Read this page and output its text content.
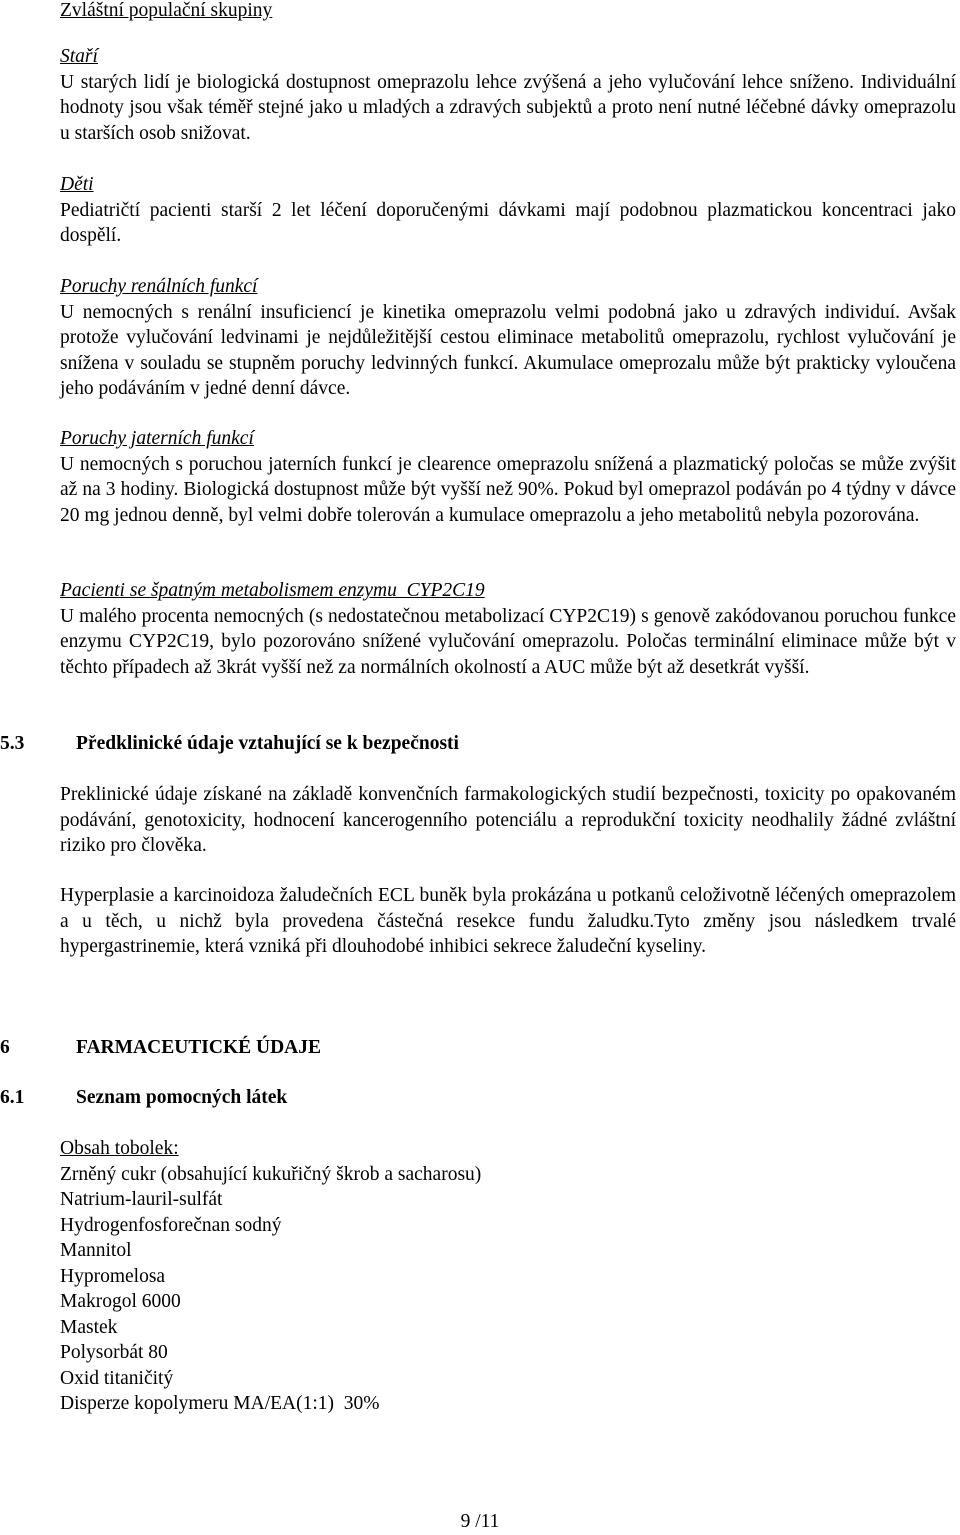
Zvláštní populační skupiny
Staří
U starých lidí je biologická dostupnost omeprazolu lehce zvýšená a jeho vylučování lehce sníženo. Individuální hodnoty jsou však téměř stejné jako u mladých a zdravých subjektů a proto není nutné léčebné dávky omeprazolu u starších osob snižovat.
Děti
Pediatričtí pacienti starší 2 let léčení doporučenými dávkami mají podobnou plazmatickou koncentraci jako dospělí.
Poruchy renálních funkcí
U nemocných s renální insuficiencí je kinetika omeprazolu velmi podobná jako u zdravých individuí. Avšak protože vylučování ledvinami je nejdůležitější cestou eliminace metabolitů omeprazolu, rychlost vylučování je snížena v souladu se stupněm poruchy ledvinných funkcí. Akumulace omeprozalu může být prakticky vyloučena jeho podáváním v jedné denní dávce.
Poruchy jaterních funkcí
U nemocných s poruchou jaterních funkcí je clearence omeprazolu snížená a plazmatický poločas se může zvýšit až na 3 hodiny. Biologická dostupnost může být vyšší než 90%. Pokud byl omeprazol podáván po 4 týdny v dávce 20 mg jednou denně, byl velmi dobře tolerován a kumulace omeprazolu a jeho metabolitů nebyla pozorována.
Pacienti se špatným metabolismem enzymu  CYP2C19
U malého procenta nemocných (s nedostatečnou metabolizací CYP2C19) s genově zakódovanou poruchou funkce enzymu CYP2C19, bylo pozorováno snížené vylučování omeprazolu. Poločas terminální eliminace může být v těchto případech až 3krát vyšší než za normálních okolností a AUC může být až desetkrát vyšší.
5.3	Předklinické údaje vztahující se k bezpečnosti
Preklinické údaje získané na základě konvenčních farmakologických studií bezpečnosti, toxicity po opakovaném podávání, genotoxicity, hodnocení kancerogenního potenciálu a reprodukční toxicity neodhalily žádné zvláštní riziko pro člověka.
Hyperplasie a karcinoidoza žaludečních ECL buněk byla prokázána u potkanů celoživotně léčených omeprazolem a u těch, u nichž byla provedena částečná resekce fundu žaludku.Tyto změny jsou následkem trvalé hypergastrinemie, která vzniká při dlouhodobé inhibici sekrece žaludeční kyseliny.
6	FARMACEUTICKÉ ÚDAJE
6.1	Seznam pomocných látek

Obsah tobolek:

Zrněný cukr (obsahující kukuřičný škrob a sacharosu)

Natrium-lauril-sulfát

Hydrogenfosforečnan sodný

Mannitol

Hypromelosa

Makrogol 6000

Mastek

Polysorbát 80

Oxid titaničitý

Disperze kopolymeru MA/EA(1:1)  30%

9 /11
